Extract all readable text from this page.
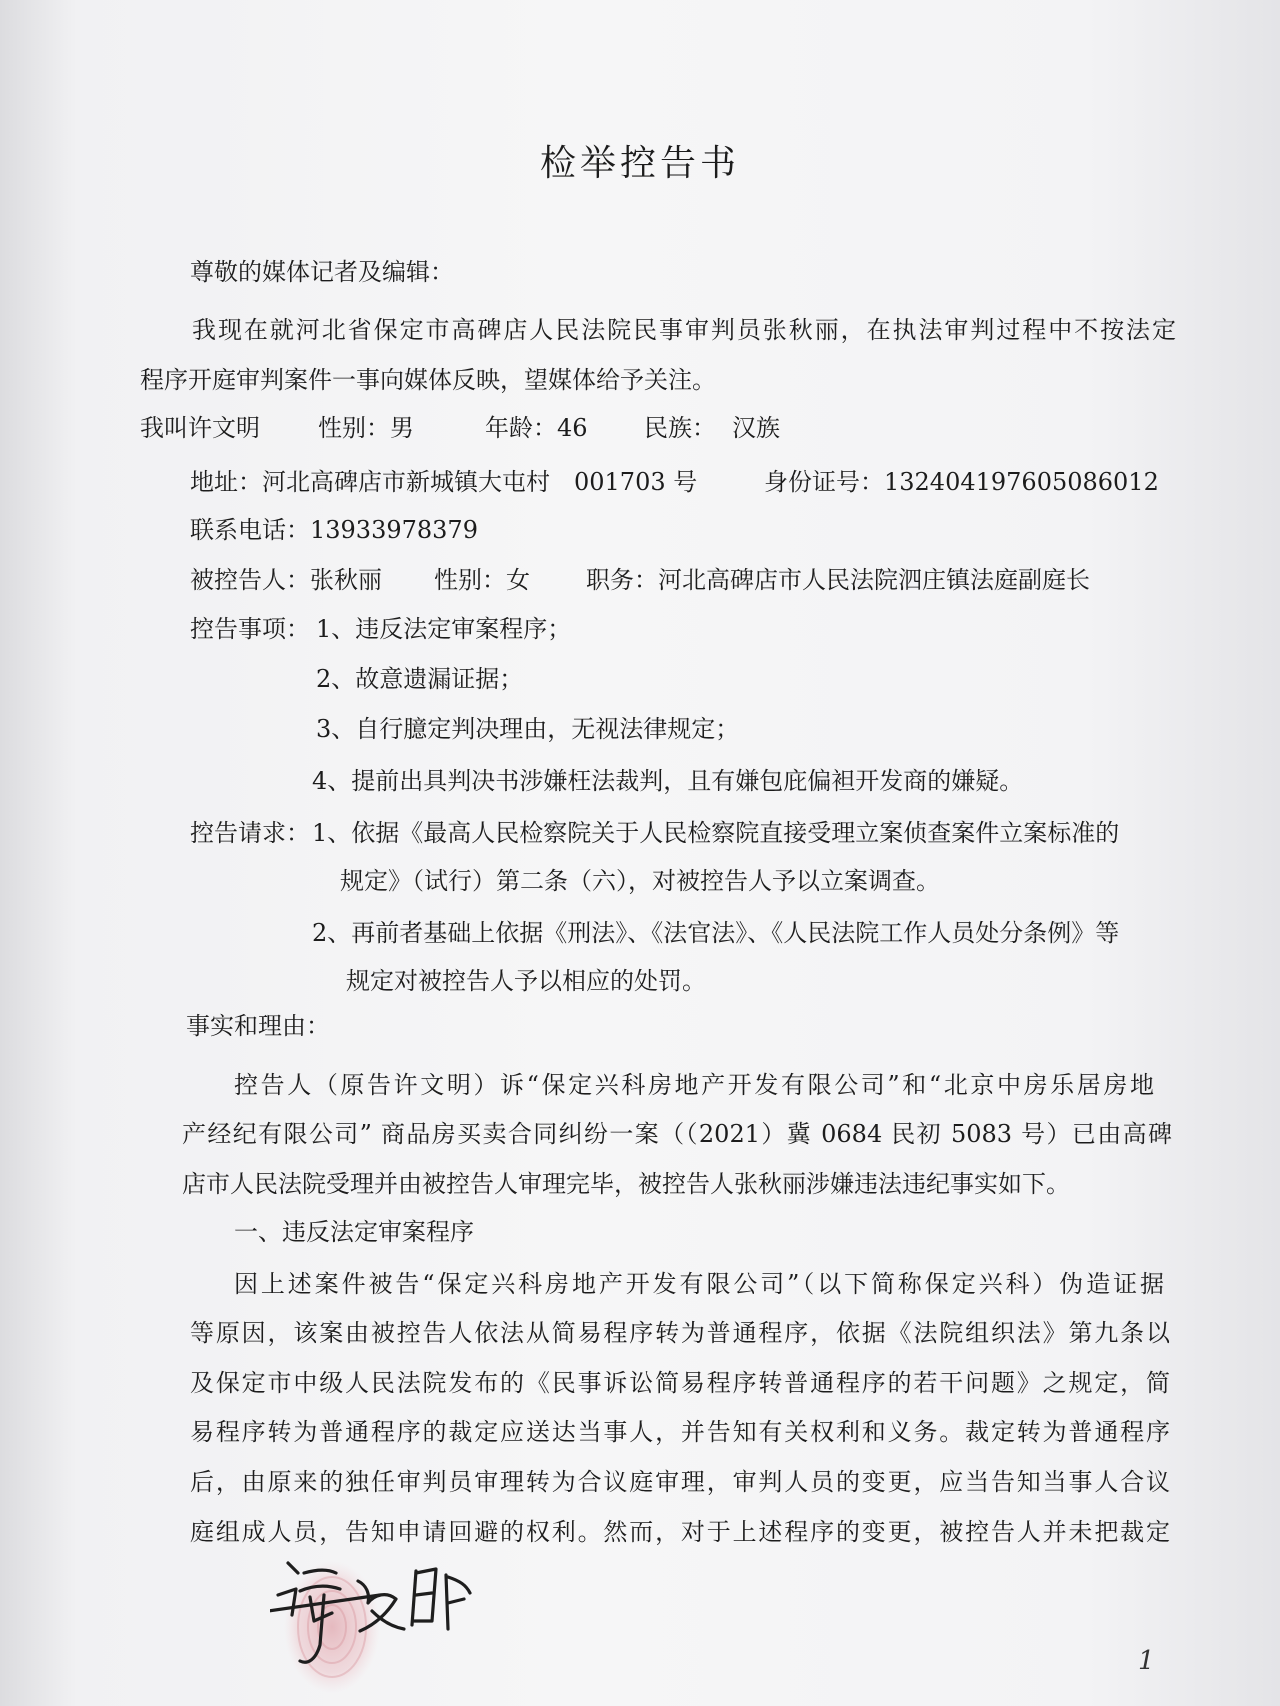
检举控告书
尊敬的媒体记者及编辑：
我现在就河北省保定市高碑店人民法院民事审判员张秋丽，在执法审判过程中不按法定
程序开庭审判案件一事向媒体反映，望媒体给予关注。
我叫许文明 性别：男	年龄：46 民族： 汉族
地址：河北高碑店市新城镇大屯村　001703 号	身份证号：132404197605086012
联系电话：13933978379
被控告人：张秋丽 性别：女 职务：河北高碑店市人民法院泗庄镇法庭副庭长
控告事项： 1、违反法定审案程序；
2、故意遗漏证据；
3、自行臆定判决理由，无视法律规定；
4、提前出具判决书涉嫌枉法裁判，且有嫌包庇偏袒开发商的嫌疑。
控告请求： 1、依据《最高人民检察院关于人民检察院直接受理立案侦查案件立案标准的
规定》（试行）第二条（六），对被控告人予以立案调查。
2、再前者基础上依据《刑法》、《法官法》、《人民法院工作人员处分条例》等
规定对被控告人予以相应的处罚。
事实和理由：
控告人（原告许文明）诉“保定兴科房地产开发有限公司”和“北京中房乐居房地
产经纪有限公司” 商品房买卖合同纠纷一案（（2021）冀 0684 民初 5083 号）已由高碑
店市人民法院受理并由被控告人审理完毕，被控告人张秋丽涉嫌违法违纪事实如下。
一、违反法定审案程序
因上述案件被告“保定兴科房地产开发有限公司”（以下简称保定兴科）伪造证据
等原因，该案由被控告人依法从简易程序转为普通程序，依据《法院组织法》第九条以
及保定市中级人民法院发布的《民事诉讼简易程序转普通程序的若干问题》之规定，简
易程序转为普通程序的裁定应送达当事人，并告知有关权利和义务。裁定转为普通程序
后，由原来的独任审判员审理转为合议庭审理，审判人员的变更，应当告知当事人合议
庭组成人员，告知申请回避的权利。然而，对于上述程序的变更，被控告人并未把裁定
1
